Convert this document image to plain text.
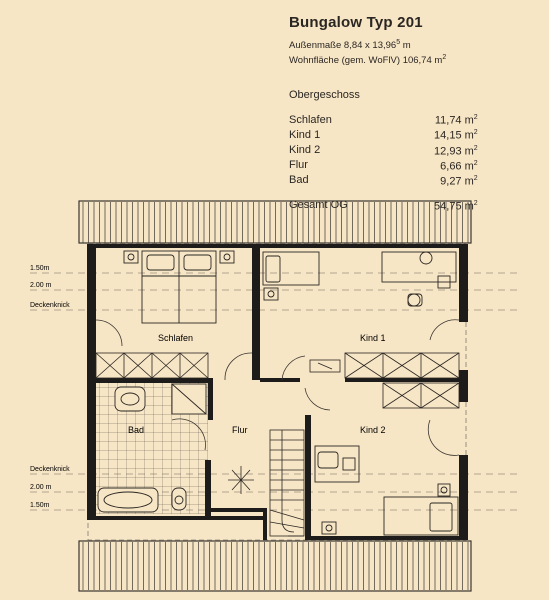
Bungalow Typ 201
Außenmaße 8,84 x 13,96$^5$ m
Wohnfläche (gem. WoFlV) 106,74 $m^2$
Obergeschoss
Schlafen	11,74 $m^2$
Kind 1	14,15 $m^2$
Kind 2	12,93 $m^2$
Flur	6,66 $m^2$
Bad	9,27 $m^2$
Gesamt OG	54,75 $m^2$
1.50m
2.00 m
Deckenknick
Deckenknick
2.00 m
1.50m
Schlafen	Kind 1
Kind 2
Bad	Flur
